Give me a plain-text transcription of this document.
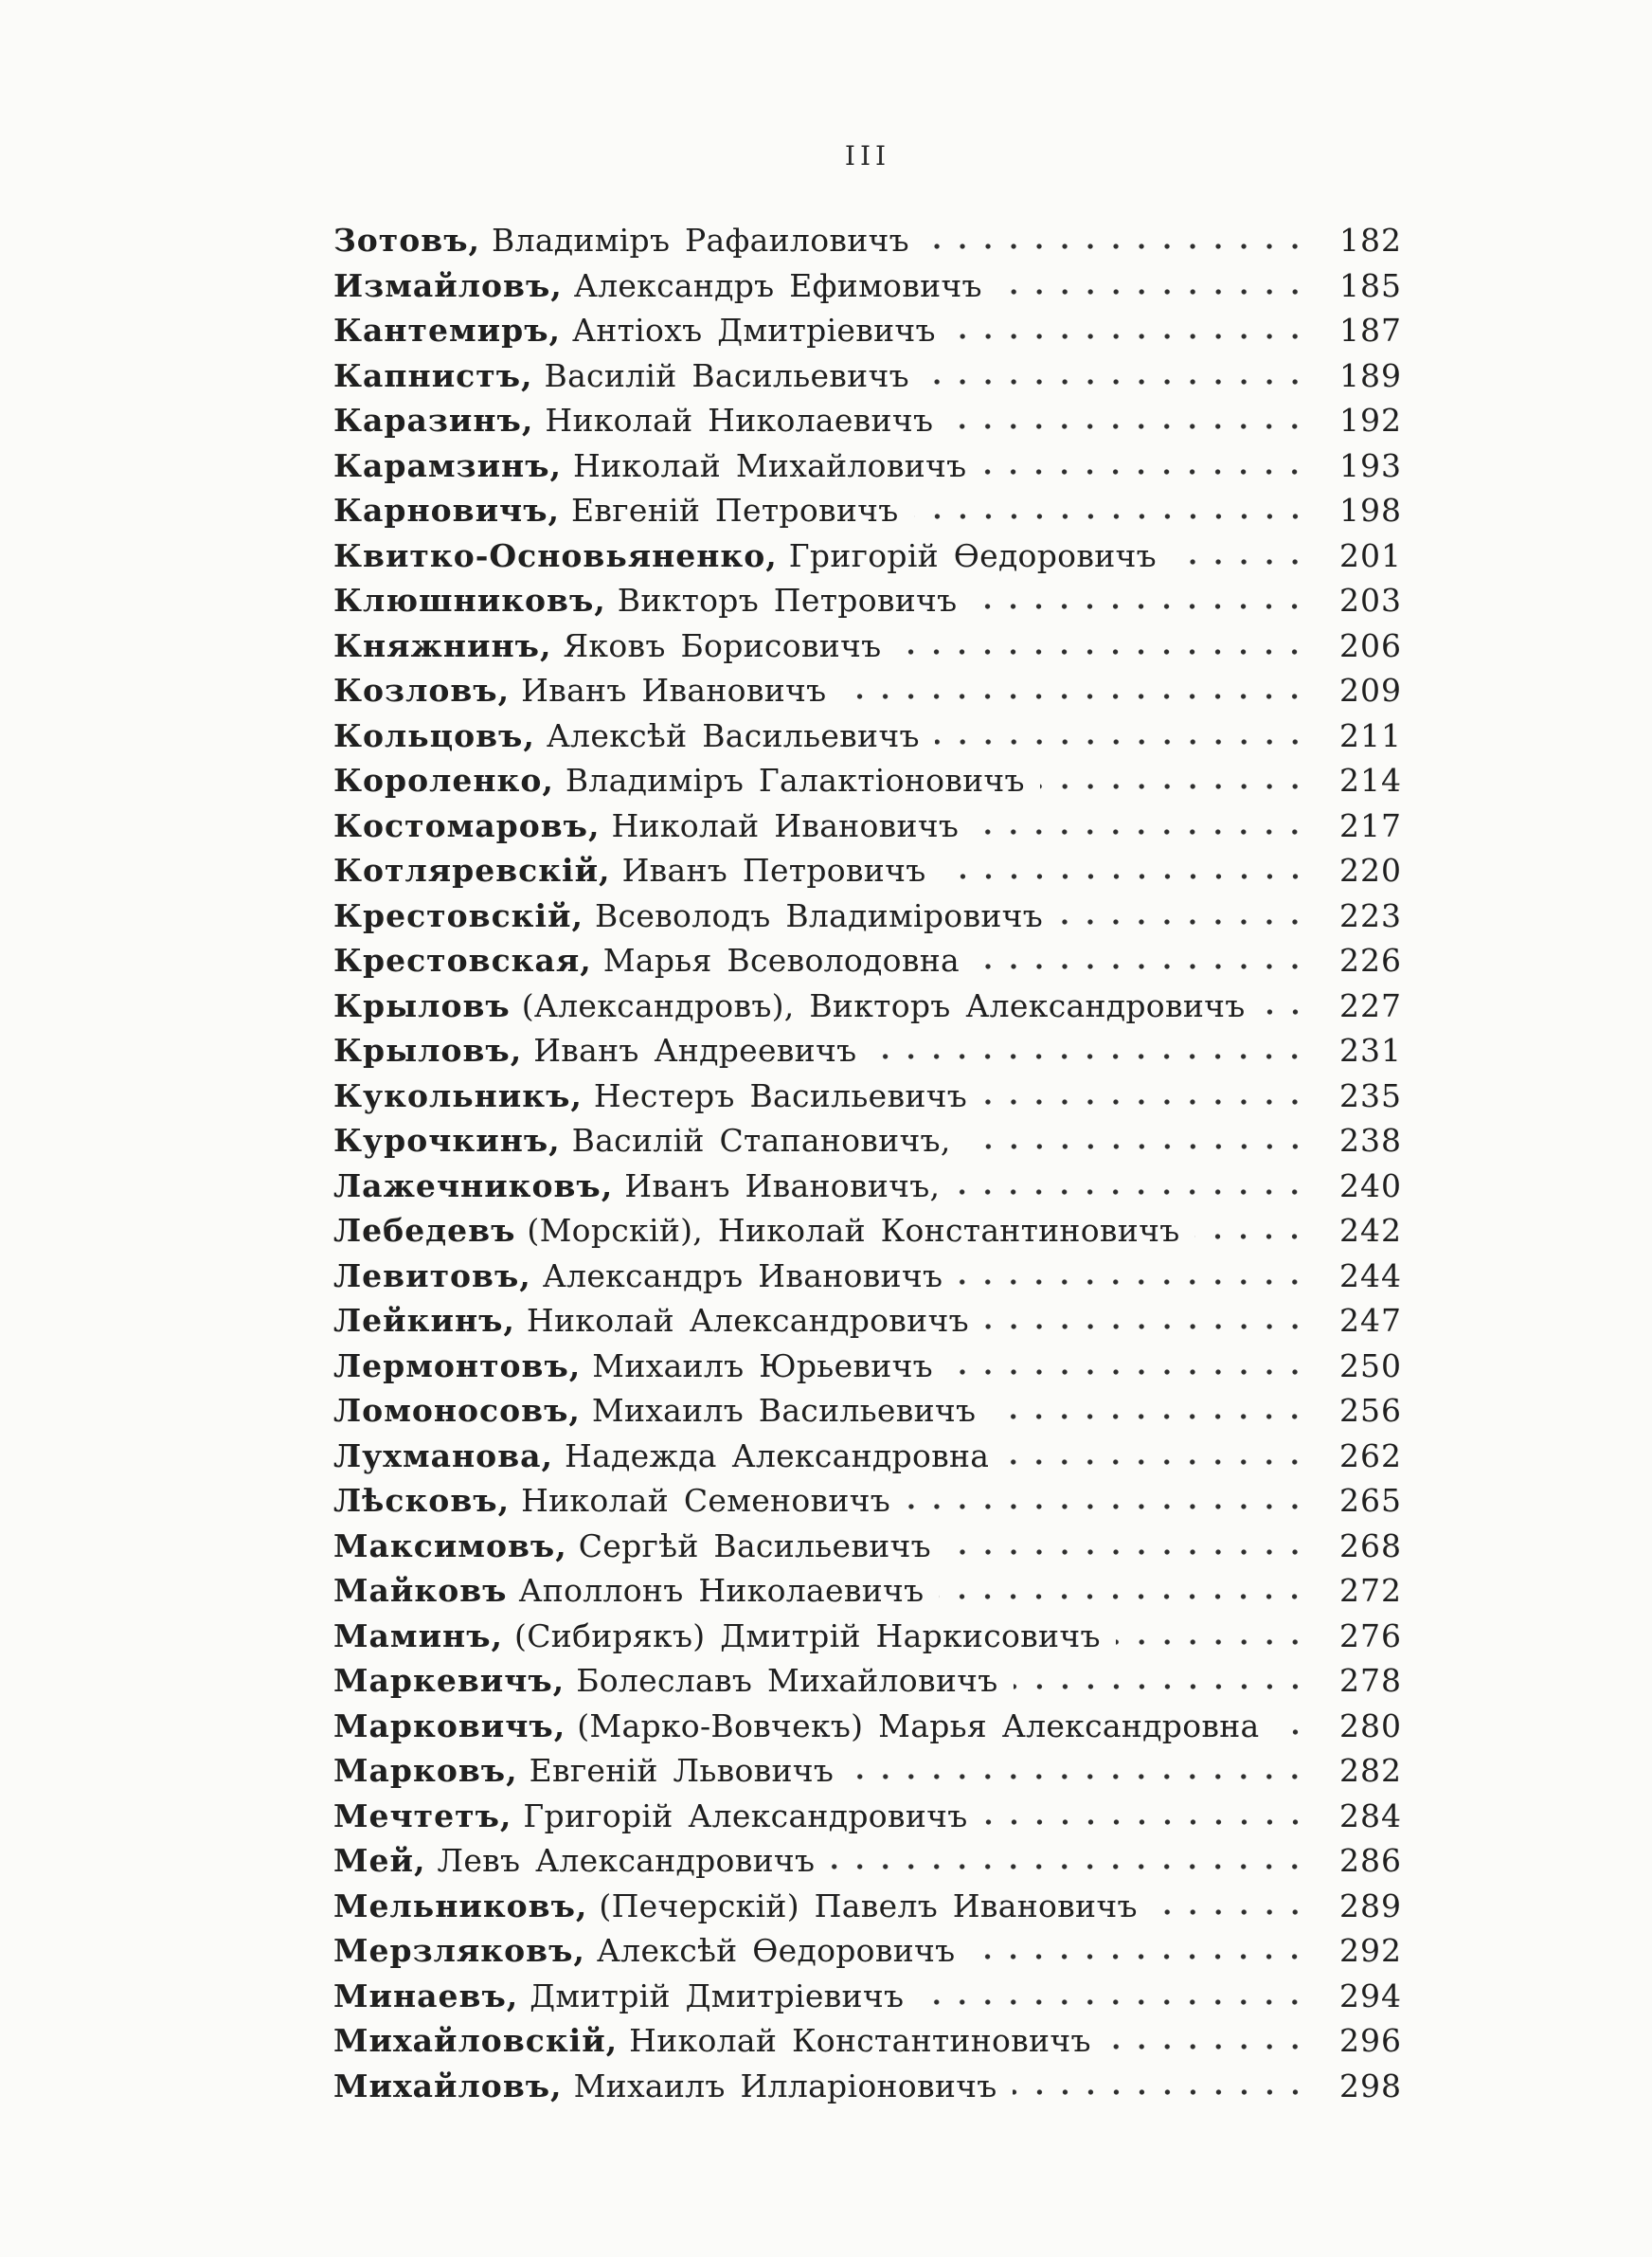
III
Зотовъ, Владиміръ Рафаиловичъ	182
Измайловъ, Александръ Ефимовичъ	185
Кантемиръ, Антіохъ Дмитріевичъ	187
Капнистъ, Василій Васильевичъ	189
Каразинъ, Николай Николаевичъ	192
Карамзинъ, Николай Михайловичъ	193
Карновичъ, Евгеній Петровичъ	198
Квитко-Основьяненко, Григорій Ѳедоровичъ	201
Клюшниковъ, Викторъ Петровичъ	203
Княжнинъ, Яковъ Борисовичъ	206
Козловъ, Иванъ Ивановичъ	209
Кольцовъ, Алексѣй Васильевичъ	211
Короленко, Владиміръ Галактіоновичъ	214
Костомаровъ, Николай Ивановичъ	217
Котляревскій, Иванъ Петровичъ	220
Крестовскій, Всеволодъ Владиміровичъ	223
Крестовская, Марья Всеволодовна	226
Крыловъ (Александровъ), Викторъ Александровичъ	227
Крыловъ, Иванъ Андреевичъ	231
Кукольникъ, Нестеръ Васильевичъ	235
Курочкинъ, Василій Стапановичъ,	238
Лажечниковъ, Иванъ Ивановичъ,	240
Лебедевъ (Морскій), Николай Константиновичъ	242
Левитовъ, Александръ Ивановичъ	244
Лейкинъ, Николай Александровичъ	247
Лермонтовъ, Михаилъ Юрьевичъ	250
Ломоносовъ, Михаилъ Васильевичъ	256
Лухманова, Надежда Александровна	262
Лѣсковъ, Николай Семеновичъ	265
Максимовъ, Сергѣй Васильевичъ	268
Майковъ Аполлонъ Николаевичъ	272
Маминъ, (Сибирякъ) Дмитрій Наркисовичъ	276
Маркевичъ, Болеславъ Михайловичъ	278
Марковичъ, (Марко-Вовчекъ) Марья Александровна	280
Марковъ, Евгеній Львовичъ	282
Мечтетъ, Григорій Александровичъ	284
Мей, Левъ Александровичъ	286
Мельниковъ, (Печерскій) Павелъ Ивановичъ	289
Мерзляковъ, Алексѣй Ѳедоровичъ	292
Минаевъ, Дмитрій Дмитріевичъ	294
Михайловскій, Николай Константиновичъ	296
Михайловъ, Михаилъ Илларіоновичъ	298
